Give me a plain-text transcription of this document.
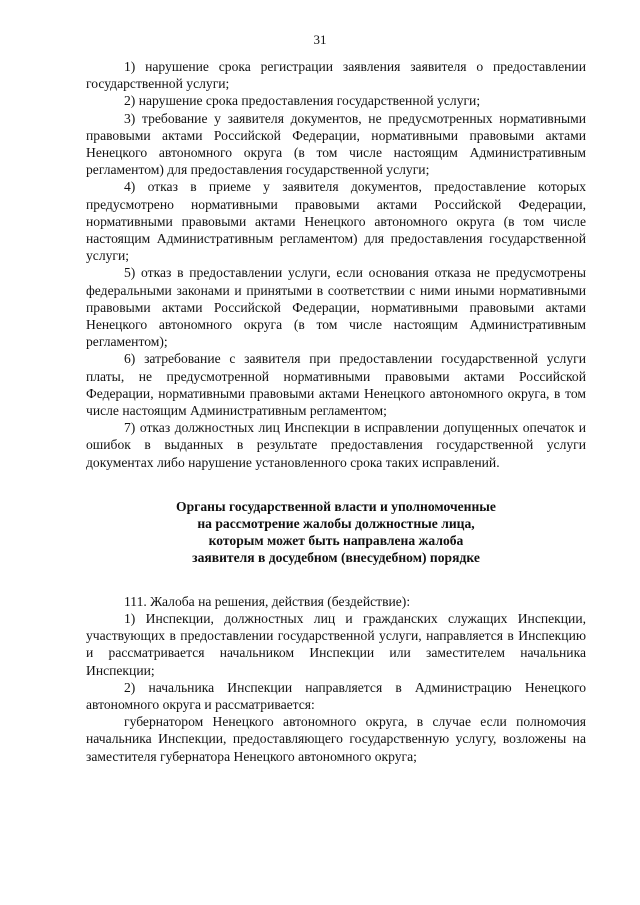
31

1) нарушение срока регистрации заявления заявителя о предоставлении государственной услуги;

2) нарушение срока предоставления государственной услуги;

3) требование у заявителя документов, не предусмотренных нормативными правовыми актами Российской Федерации, нормативными правовыми актами Ненецкого автономного округа (в том числе настоящим Административным регламентом) для предоставления государственной услуги;

4) отказ в приеме у заявителя документов, предоставление которых предусмотрено нормативными правовыми актами Российской Федерации, нормативными правовыми актами Ненецкого автономного округа (в том числе настоящим Административным регламентом) для предоставления государственной услуги;

5) отказ в предоставлении услуги, если основания отказа не предусмотрены федеральными законами и принятыми в соответствии с ними иными нормативными правовыми актами Российской Федерации, нормативными правовыми актами Ненецкого автономного округа (в том числе настоящим Административным регламентом);

6) затребование с заявителя при предоставлении государственной услуги платы, не предусмотренной нормативными правовыми актами Российской Федерации, нормативными правовыми актами Ненецкого автономного округа, в том числе настоящим Административным регламентом;

7) отказ должностных лиц Инспекции в исправлении допущенных опечаток и ошибок в выданных в результате предоставления государственной услуги документах либо нарушение установленного срока таких исправлений.

Органы государственной власти и уполномоченные
на рассмотрение жалобы должностные лица,
которым может быть направлена жалоба
заявителя в досудебном (внесудебном) порядке

111. Жалоба на решения, действия (бездействие):

1) Инспекции, должностных лиц и гражданских служащих Инспекции, участвующих в предоставлении государственной услуги, направляется в Инспекцию и рассматривается начальником Инспекции или заместителем начальника Инспекции;

2) начальника Инспекции направляется в Администрацию Ненецкого автономного округа и рассматривается:

губернатором Ненецкого автономного округа, в случае если полномочия начальника Инспекции, предоставляющего государственную услугу, возложены на заместителя губернатора Ненецкого автономного округа;
